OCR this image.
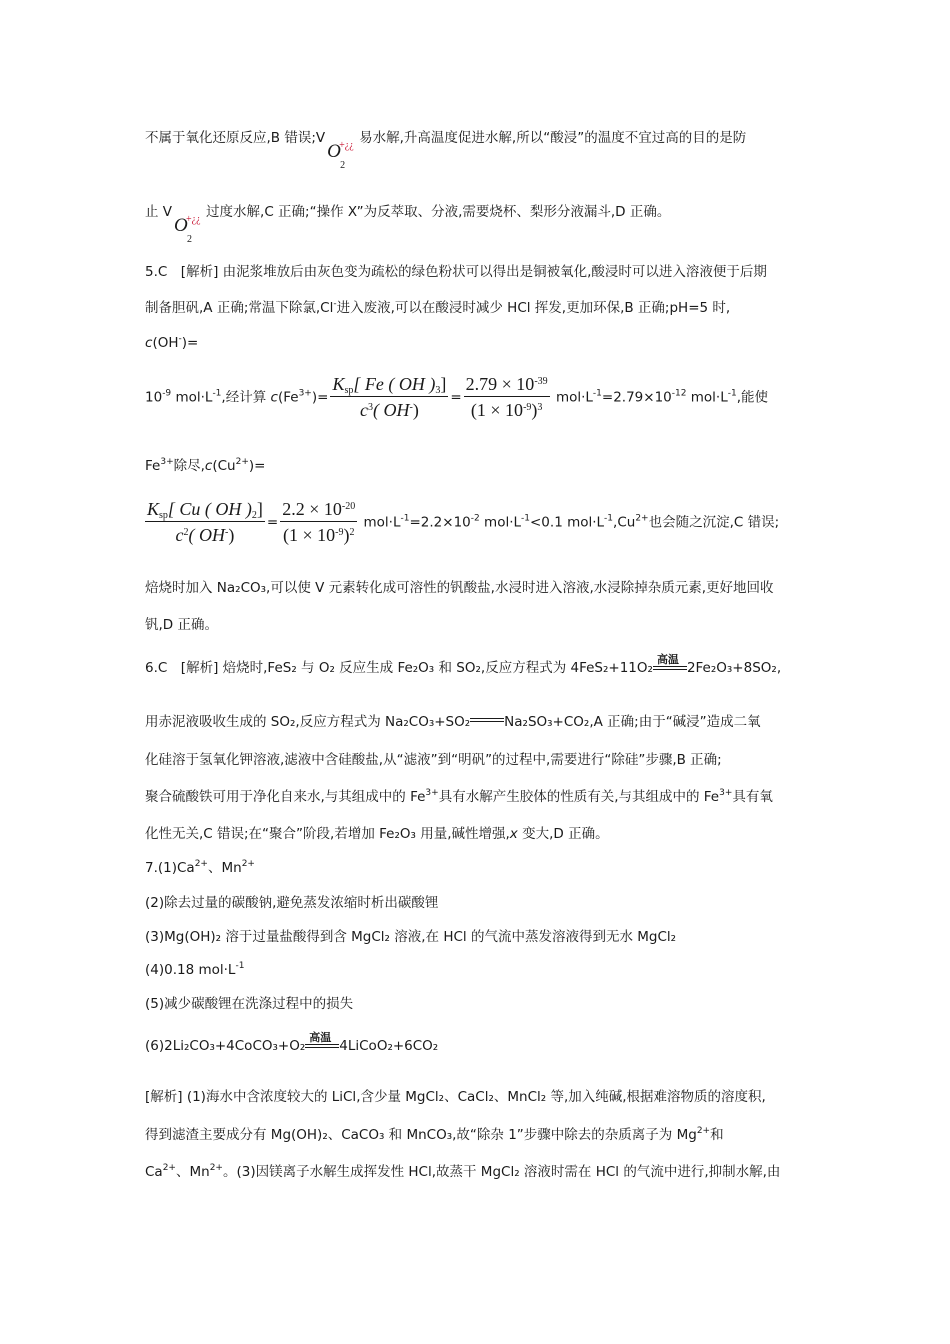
不属于氧化还原反应,B 错误;V
O
+¿¿
2
易水解,升高温度促进水解,所以“酸浸”的温度不宜过高的目的是防
止 V
O
+¿¿
2
过度水解,C 正确;“操作 X”为反萃取、分液,需要烧杯、梨形分液漏斗,D 正确。
5.C　[解析] 由泥浆堆放后由灰色变为疏松的绿色粉状可以得出是铜被氧化,酸浸时可以进入溶液便于后期
制备胆矾,A 正确;常温下除氯,Cl-进入废液,可以在酸浸时减少 HCl 挥发,更加环保,B 正确;pH=5 时,
c(OH-)=
$10^{-9}$ $mol\cdot L^{-1}$,经计算 $c(Fe^{3+})= \frac{K_{sp}[ Fe ( OH )_3]}{c^3( OH^-)} = \frac{2.79 \times 10^{-39}}{(1 \times 10^{-9})^3} mol\cdot L^{-1}=2.79\times 10^{-12}$ $mol\cdot L^{-1}$,能使
$Fe^{3+}$除尽$,c(Cu^{2+})=$
$\frac{K_{sp}[ Cu ( OH )_2]}{c^2( OH^-)} = \frac{2.2 \times 10^{-20}}{(1 \times 10^{-9})^2} mol\cdot L^{-1}=2.2\times 10^{-2}$ $mol\cdot L^{-1}<0.1$ $mol\cdot L^{-1},Cu^{2+}$也会随之沉淀,C 错误;
焙烧时加入 Na₂CO₃,可以使 V 元素转化成可溶性的钒酸盐,水浸时进入溶液,水浸除掉杂质元素,更好地回收
钒,D 正确。
6.C　[解析] 焙烧时,FeS₂ 与 O₂ 反应生成 Fe₂O₃ 和 SO₂,反应方程式为 4FeS₂+11O₂
高温
2Fe₂O₃+8SO₂,
用赤泥液吸收生成的 SO₂,反应方程式为 Na₂CO₃+SO₂	Na₂SO₃+CO₂,A 正确;由于“碱浸”造成二氧
化硅溶于氢氧化钾溶液,滤液中含硅酸盐,从“滤液”到“明矾”的过程中,需要进行“除硅”步骤,B 正确;
聚合硫酸铁可用于净化自来水,与其组成中的 $Fe^{3+}$具有水解产生胶体的性质有关,与其组成中的 $Fe^{3+}$具有氧
化性无关,C 错误;在“聚合”阶段,若增加 Fe₂O₃ 用量,碱性增强,x 变大,D 正确。
$7.(1)Ca^{2+}$、$Mn^{2+}$
(2)除去过量的碳酸钠,避免蒸发浓缩时析出碳酸锂
(3)Mg(OH)₂ 溶于过量盐酸得到含 MgCl₂ 溶液,在 HCl 的气流中蒸发溶液得到无水 MgCl₂
(4)0.18 $mol\cdot L^{-1}$
(5)减少碳酸锂在洗涤过程中的损失
(6)2Li₂CO₃+4CoCO₃+O₂
高温
4LiCoO₂+6CO₂
[解析] (1)海水中含浓度较大的 LiCl,含少量 MgCl₂、CaCl₂、MnCl₂ 等,加入纯碱,根据难溶物质的溶度积,
得到滤渣主要成分有 Mg(OH)₂、CaCO₃ 和 MnCO₃,故“除杂 1”步骤中除去的杂质离子为 $Mg^{2+}$和
$Ca^{2+}$、$Mn^{2+}$。(3)因镁离子水解生成挥发性 HCl,故蒸干 MgCl₂ 溶液时需在 HCl 的气流中进行,抑制水解,由
